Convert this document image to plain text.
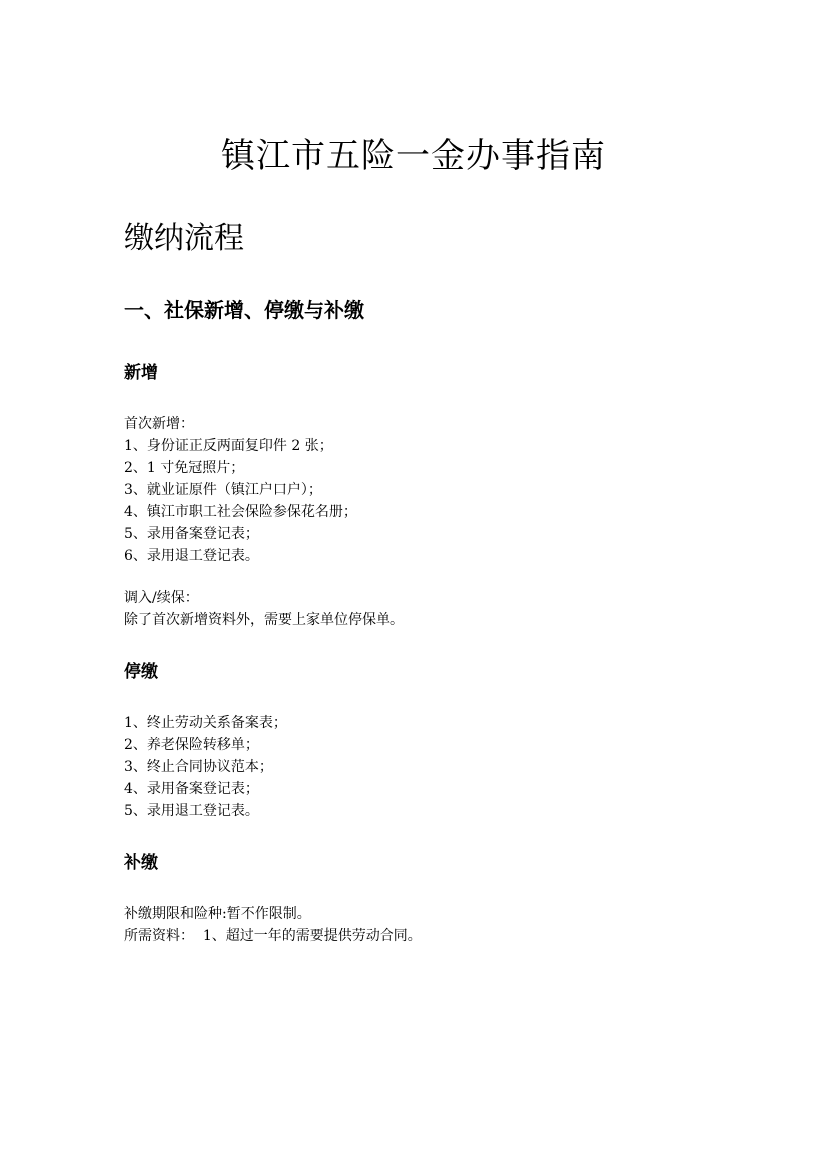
镇江市五险一金办事指南
缴纳流程
一、社保新增、停缴与补缴
新增
首次新增：
1、身份证正反两面复印件 2 张；
2、1 寸免冠照片；
3、就业证原件（镇江户口户）；
4、镇江市职工社会保险参保花名册；
5、录用备案登记表；
6、录用退工登记表。
调入/续保：
除了首次新增资料外，需要上家单位停保单。
停缴
1、终止劳动关系备案表；
2、养老保险转移单；
3、终止合同协议范本；
4、录用备案登记表；
5、录用退工登记表。
补缴
补缴期限和险种:暂不作限制。
所需资料：  1、超过一年的需要提供劳动合同。
